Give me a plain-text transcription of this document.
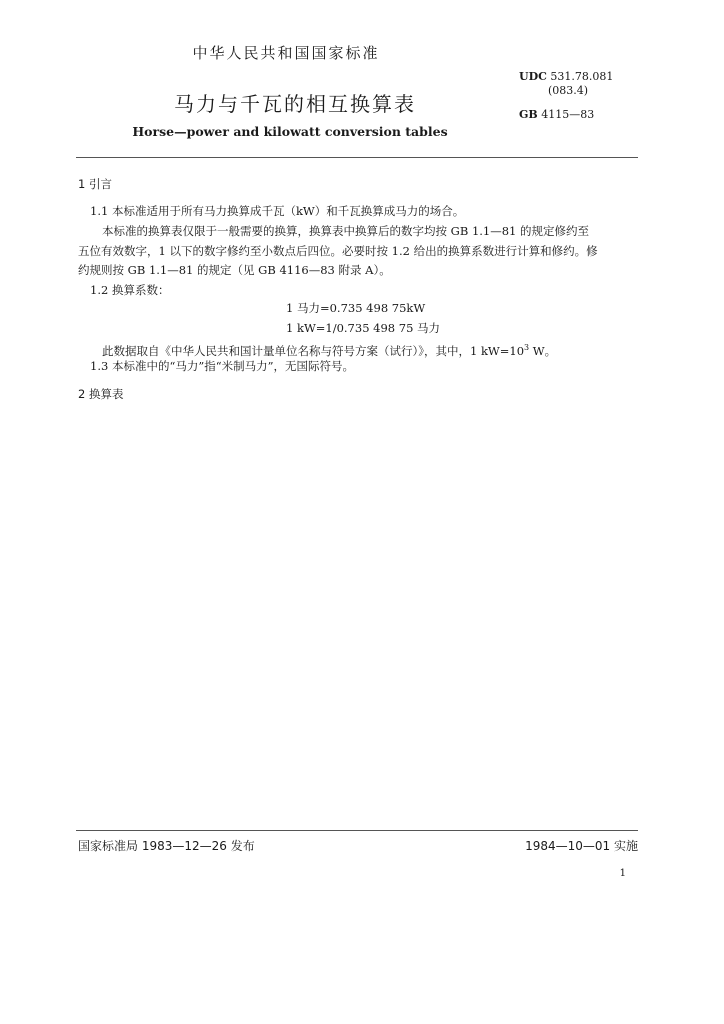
中华人民共和国国家标准
马力与千瓦的相互换算表
Horse—power and kilowatt conversion tables
UDC 531.78.081
(083.4)
GB 4115—83
1 引言
1.1 本标准适用于所有马力换算成千瓦（kW）和千瓦换算成马力的场合。
本标准的换算表仅限于一般需要的换算，换算表中换算后的数字均按 GB 1.1—81 的规定修约至
五位有效数字，1 以下的数字修约至小数点后四位。必要时按 1.2 给出的换算系数进行计算和修约。修
约规则按 GB 1.1—81 的规定（见 GB 4116—83 附录 A）。
1.2 换算系数：
1 马力=0.735 498 75kW
1 kW=1/0.735 498 75 马力
此数据取自《中华人民共和国计量单位名称与符号方案（试行）》，其中，1 $kW=10^3$ W。
1.3 本标准中的“马力”指“米制马力”，无国际符号。
2 换算表
国家标准局 1983—12—26 发布	1984—10—01 实施
1
